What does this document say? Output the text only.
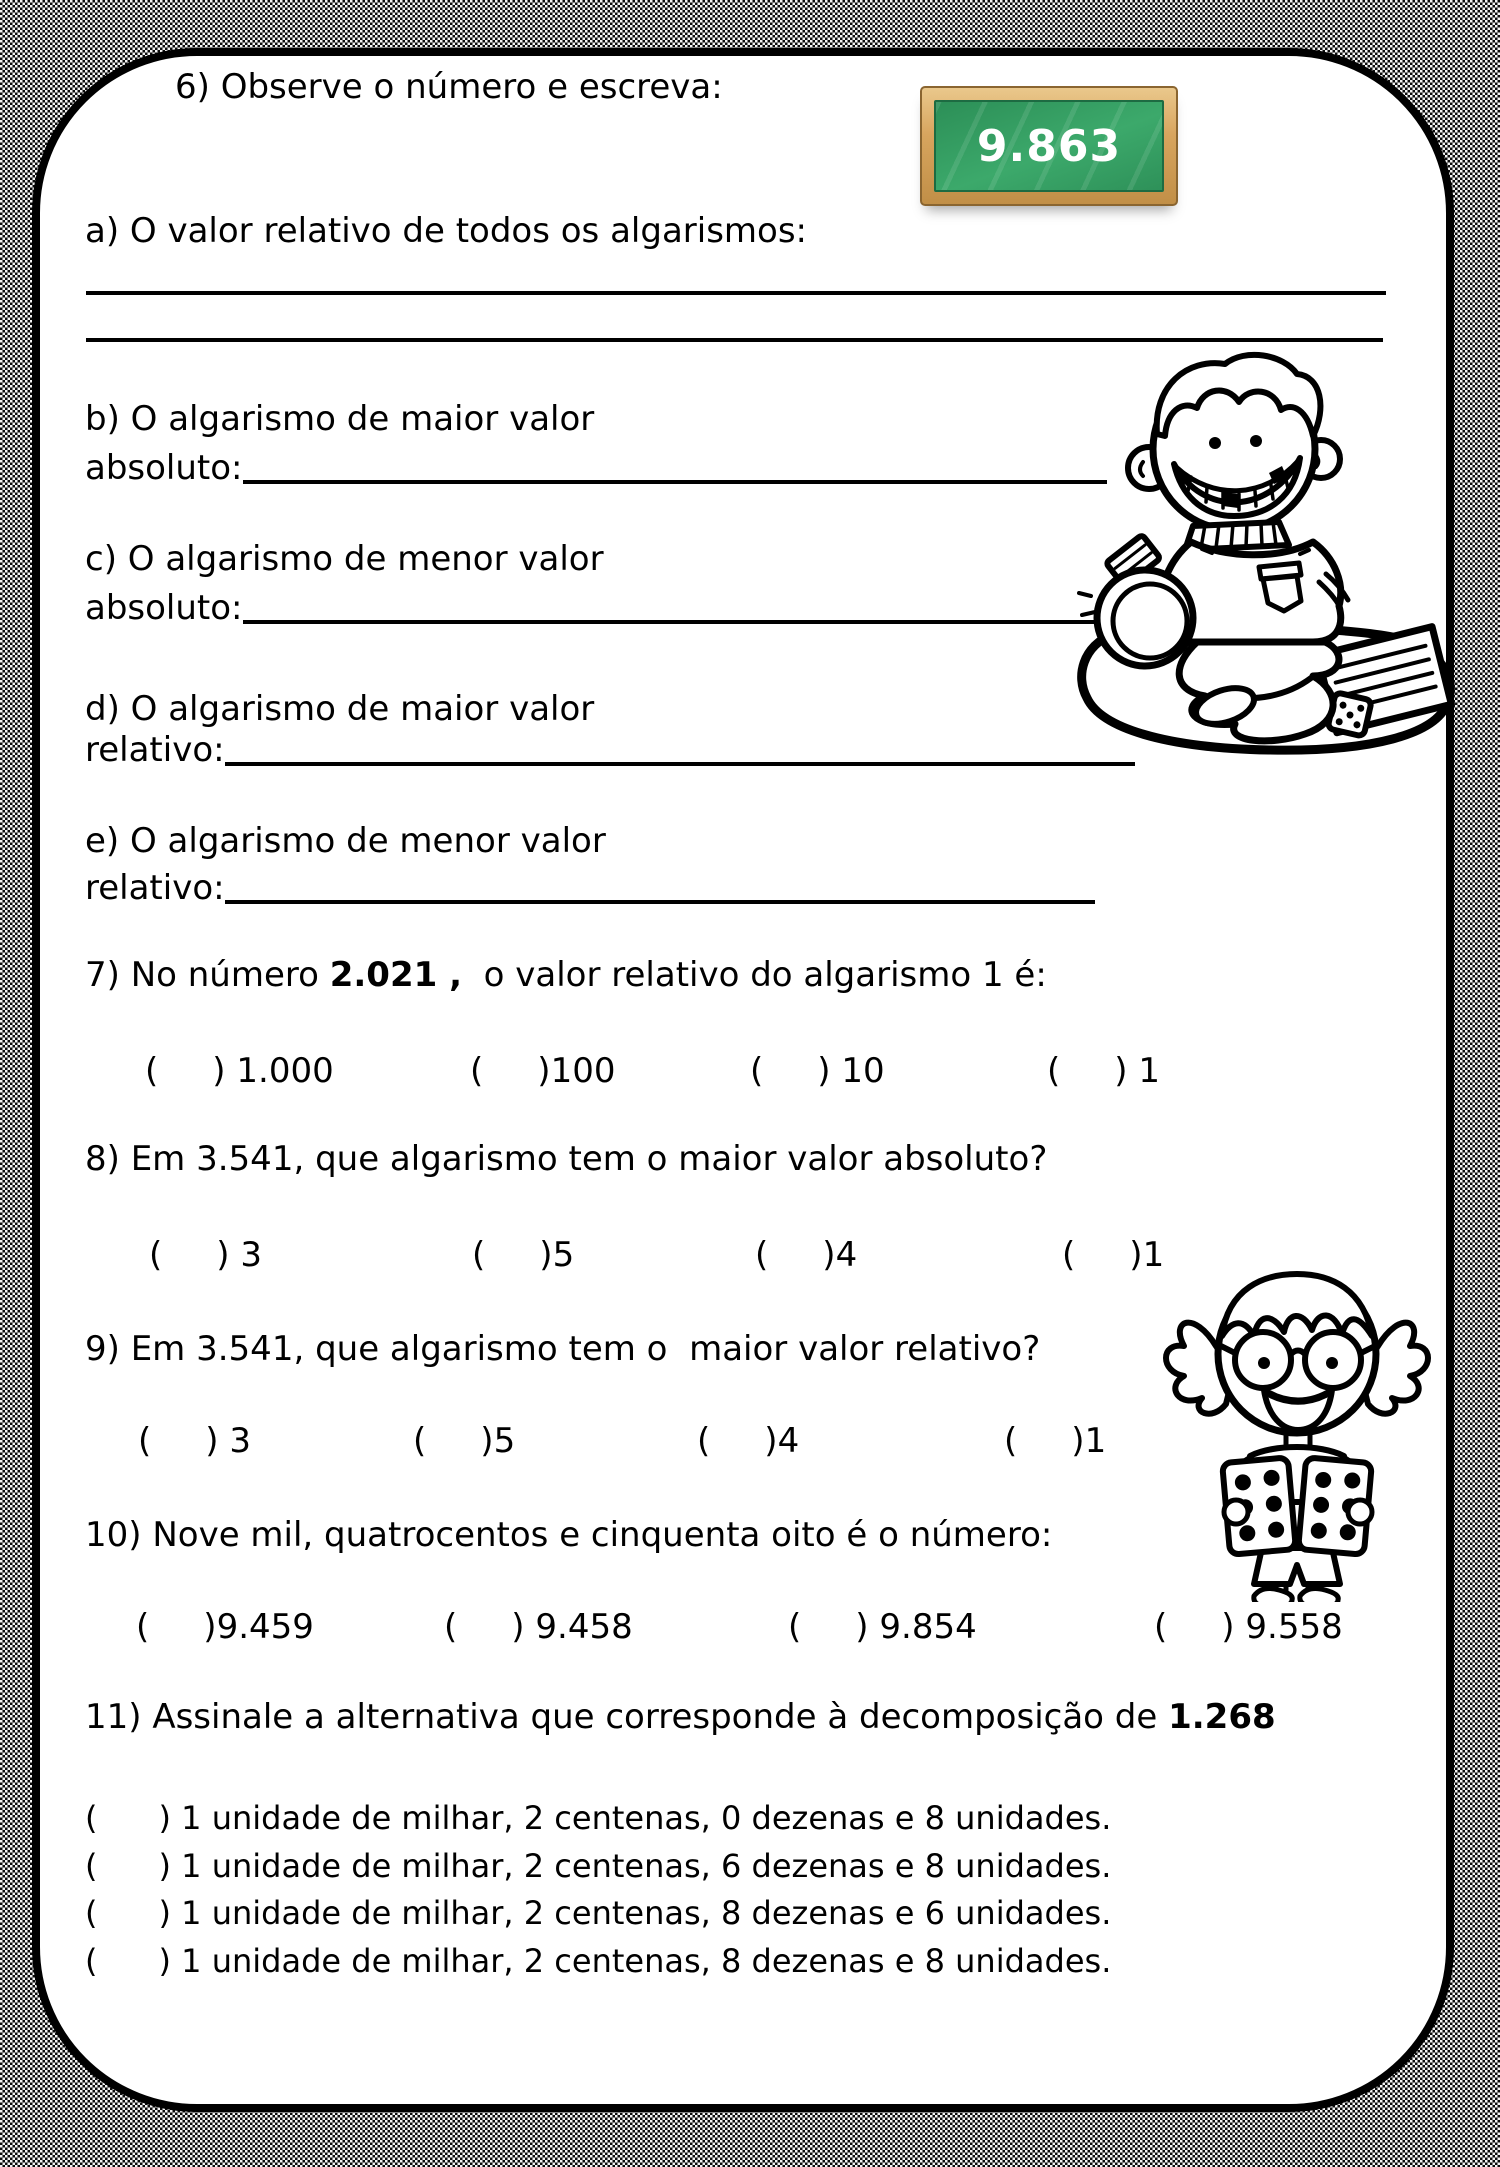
6) Observe o número e escreva:
9.863
a) O valor relativo de todos os algarismos:
b) O algarismo de maior valor
absoluto:
c) O algarismo de menor valor
absoluto:
d) O algarismo de maior valor
relativo:
e) O algarismo de menor valor
relativo:
7) No número 2.021 ,  o valor relativo do algarismo 1 é:
(     ) 1.000	(     )100	(     ) 10	(     ) 1
8) Em 3.541, que algarismo tem o maior valor absoluto?
(     ) 3	(     )5	(     )4	(     )1
9) Em 3.541, que algarismo tem o  maior valor relativo?
(     ) 3	(     )5	(     )4	(     )1
10) Nove mil, quatrocentos e cinquenta oito é o número:
(     )9.459	(     ) 9.458	(     ) 9.854	(     ) 9.558
11) Assinale a alternativa que corresponde à decomposição de 1.268
(      ) 1 unidade de milhar, 2 centenas, 0 dezenas e 8 unidades.
(      ) 1 unidade de milhar, 2 centenas, 6 dezenas e 8 unidades.
(      ) 1 unidade de milhar, 2 centenas, 8 dezenas e 6 unidades.
(      ) 1 unidade de milhar, 2 centenas, 8 dezenas e 8 unidades.
